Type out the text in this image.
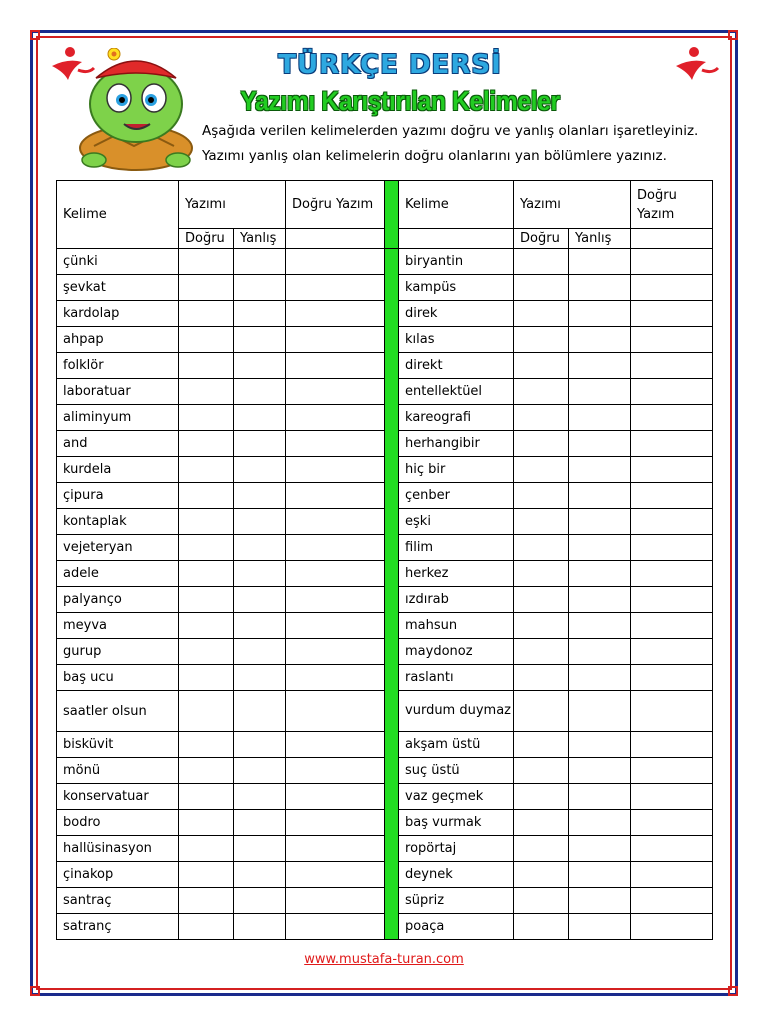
TÜRKÇE DERSİ
Yazımı Karıştırılan Kelimeler
Aşağıda verilen kelimelerden yazımı doğru ve yanlış olanları işaretleyiniz.
Yazımı yanlış olan kelimelerin doğru olanlarını yan bölümlere yazınız.
Kelime	Yazımı		Doğru Yazım		Kelime	Yazımı		Doğru Yazım
	Doğru	Yanlış				Doğru	Yanlış	
çünki					biryantin			
şevkat					kampüs			
kardolap					direk			
ahpap					kılas			
folklör					direkt			
laboratuar					entellektüel			
aliminyum					kareografi			
and					herhangibir			
kurdela					hiç bir			
çipura					çenber			
kontaplak					eşki			
vejeteryan					filim			
adele					herkez			
palyanço					ızdırab			
meyva					mahsun			
gurup					maydonoz			
baş ucu					raslantı			
saatler olsun					vurdum duymaz			
bisküvit					akşam üstü			
mönü					suç üstü			
konservatuar					vaz geçmek			
bodro					baş vurmak			
hallüsinasyon					ropörtaj			
çinakop					deynek			
santraç					süpriz			
satranç					poaça			
www.mustafa-turan.com
